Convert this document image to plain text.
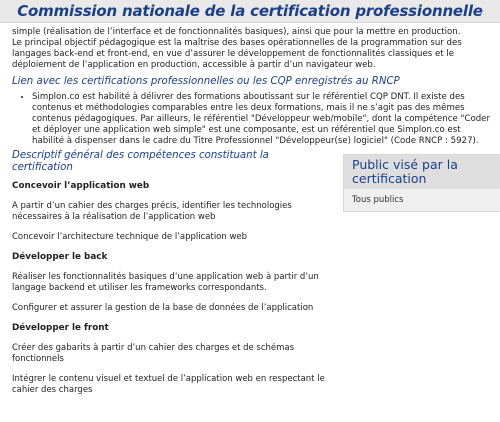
Commission nationale de la certification professionnelle

simple (réalisation de l’interface et de fonctionnalités basiques), ainsi que pour la mettre en production.

Le principal objectif pédagogique est la maîtrise des bases opérationnelles de la programmation sur des langages back-end et front-end, en vue d’assurer le développement de fonctionnalités classiques et le déploiement de l’application en production, accessible à partir d’un navigateur web.

Lien avec les certifications professionnelles ou les CQP enregistrés au RNCP
• Simplon.co est habilité à délivrer des formations aboutissant sur le référentiel CQP DNT. Il existe des contenus et méthodologies comparables entre les deux formations, mais il ne s’agit pas des mêmes contenus pédagogiques. Par ailleurs, le référentiel "Développeur web/mobile", dont la compétence "Coder et déployer une application web simple" est une composante, est un référentiel que Simplon.co est habilité à dispenser dans le cadre du Titre Professionnel "Développeur(se) logiciel" (Code RNCP : 5927).
Descriptif général des compétences constituant la certification
Concevoir l’application web

A partir d’un cahier des charges précis, identifier les technologies nécessaires à la réalisation de l’application web

Concevoir l’architecture technique de l’application web

Développer le back

Réaliser les fonctionnalités basiques d’une application web à partir d’un langage backend et utiliser les frameworks correspondants.

Configurer et assurer la gestion de la base de données de l’application

Développer le front

Créer des gabarits à partir d’un cahier des charges et de schémas fonctionnels

Intégrer le contenu visuel et textuel de l’application web en respectant le cahier des charges

Public visé par la certification
Tous publics
